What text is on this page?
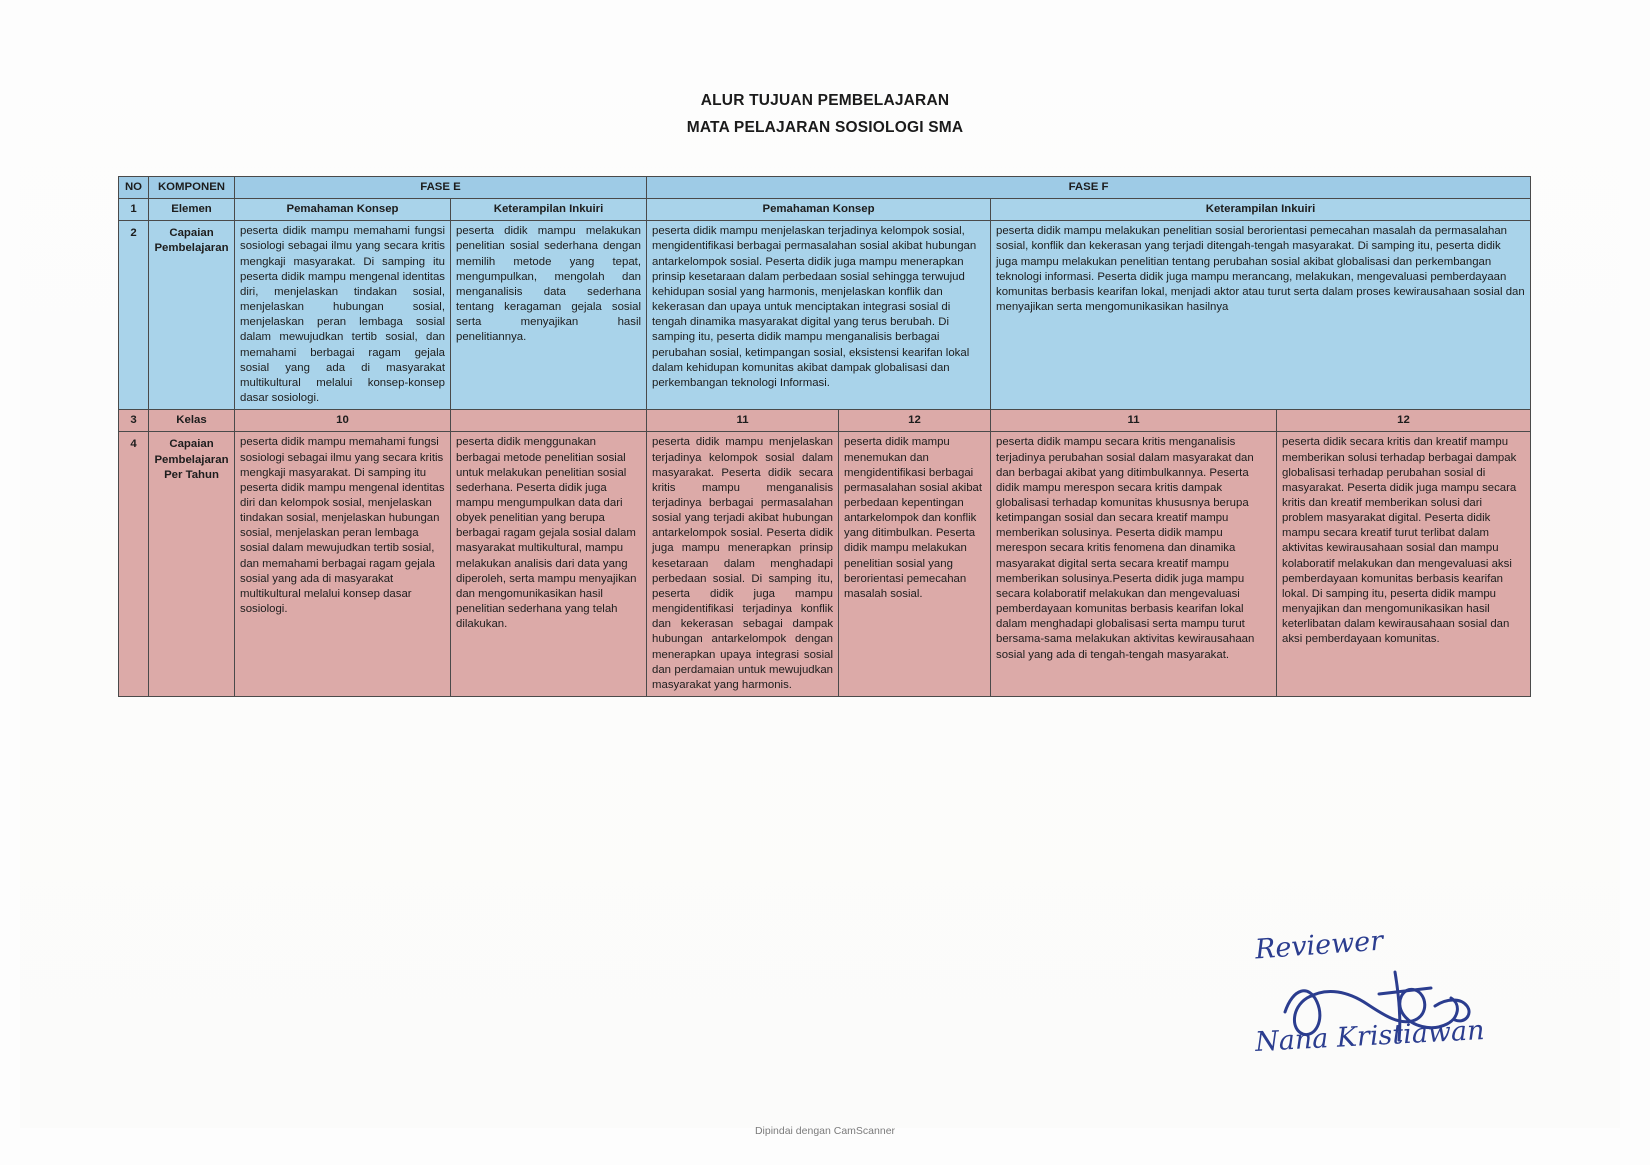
ALUR TUJUAN PEMBELAJARAN
MATA PELAJARAN SOSIOLOGI SMA
NO	KOMPONEN	FASE E		FASE F			
1	Elemen	Pemahaman Konsep	Keterampilan Inkuiri	Pemahaman Konsep		Keterampilan Inkuiri	
2	Capaian Pembelajaran	peserta didik mampu memahami fungsi sosiologi sebagai ilmu yang secara kritis mengkaji masyarakat. Di samping itu peserta didik mampu mengenal identitas diri, menjelaskan tindakan sosial, menjelaskan hubungan sosial, menjelaskan peran lembaga sosial dalam mewujudkan tertib sosial, dan memahami berbagai ragam gejala sosial yang ada di masyarakat multikultural melalui konsep-konsep dasar sosiologi.	peserta didik mampu melakukan penelitian sosial sederhana dengan memilih metode yang tepat, mengumpulkan, mengolah dan menganalisis data sederhana tentang keragaman gejala sosial serta menyajikan hasil penelitiannya.	peserta didik mampu menjelaskan terjadinya kelompok sosial, mengidentifikasi berbagai permasalahan sosial akibat hubungan antarkelompok sosial. Peserta didik juga mampu menerapkan prinsip kesetaraan dalam perbedaan sosial sehingga terwujud kehidupan sosial yang harmonis, menjelaskan konflik dan kekerasan dan upaya untuk menciptakan integrasi sosial di tengah dinamika masyarakat digital yang terus berubah. Di samping itu, peserta didik mampu menganalisis berbagai perubahan sosial, ketimpangan sosial, eksistensi kearifan lokal dalam kehidupan komunitas akibat dampak globalisasi dan perkembangan teknologi Informasi.	peserta didik mampu melakukan penelitian sosial berorientasi pemecahan masalah da permasalahan sosial, konflik dan kekerasan yang terjadi ditengah-tengah masyarakat. Di samping itu, peserta didik juga mampu melakukan penelitian tentang perubahan sosial akibat globalisasi dan perkembangan teknologi informasi. Peserta didik juga mampu merancang, melakukan, mengevaluasi pemberdayaan komunitas berbasis kearifan lokal, menjadi aktor atau turut serta dalam proses kewirausahaan sosial dan menyajikan serta mengomunikasikan hasilnya
3	Kelas	10		11	12	11	12
4	Capaian Pembelajaran Per Tahun	peserta didik mampu memahami fungsi sosiologi sebagai ilmu yang secara kritis mengkaji masyarakat. Di samping itu peserta didik mampu mengenal identitas diri dan kelompok sosial, menjelaskan tindakan sosial, menjelaskan hubungan sosial, menjelaskan peran lembaga sosial dalam mewujudkan tertib sosial, dan memahami berbagai ragam gejala sosial yang ada di masyarakat multikultural melalui konsep dasar sosiologi.	peserta didik menggunakan berbagai metode penelitian sosial untuk melakukan penelitian sosial sederhana. Peserta didik juga mampu mengumpulkan data dari obyek penelitian yang berupa berbagai ragam gejala sosial dalam masyarakat multikultural, mampu melakukan analisis dari data yang diperoleh, serta mampu menyajikan dan mengomunikasikan hasil penelitian sederhana yang telah dilakukan.	peserta didik mampu menjelaskan terjadinya kelompok sosial dalam masyarakat. Peserta didik secara kritis mampu menganalisis terjadinya berbagai permasalahan sosial yang terjadi akibat hubungan antarkelompok sosial. Peserta didik juga mampu menerapkan prinsip kesetaraan dalam menghadapi perbedaan sosial. Di samping itu, peserta didik juga mampu mengidentifikasi terjadinya konflik dan kekerasan sebagai dampak hubungan antarkelompok dengan menerapkan upaya integrasi sosial dan perdamaian untuk mewujudkan masyarakat yang harmonis.	peserta didik mampu menemukan dan mengidentifikasi berbagai permasalahan sosial akibat perbedaan kepentingan antarkelompok dan konflik yang ditimbulkan. Peserta didik mampu melakukan penelitian sosial yang berorientasi pemecahan masalah sosial.	peserta didik mampu secara kritis menganalisis terjadinya perubahan sosial dalam masyarakat dan dan berbagai akibat yang ditimbulkannya. Peserta didik mampu merespon secara kritis dampak globalisasi terhadap komunitas khususnya berupa ketimpangan sosial dan secara kreatif mampu memberikan solusinya. Peserta didik mampu merespon secara kritis fenomena dan dinamika masyarakat digital serta secara kreatif mampu memberikan solusinya.Peserta didik juga mampu secara kolaboratif melakukan dan mengevaluasi pemberdayaan komunitas berbasis kearifan lokal dalam menghadapi globalisasi serta mampu turut bersama-sama melakukan aktivitas kewirausahaan sosial yang ada di tengah-tengah masyarakat.	peserta didik secara kritis dan kreatif mampu memberikan solusi terhadap berbagai dampak globalisasi terhadap perubahan sosial di masyarakat. Peserta didik juga mampu secara kritis dan kreatif memberikan solusi dari problem masyarakat digital. Peserta didik mampu secara kreatif turut terlibat dalam aktivitas kewirausahaan sosial dan mampu kolaboratif melakukan dan mengevaluasi aksi pemberdayaan komunitas berbasis kearifan lokal. Di samping itu, peserta didik mampu menyajikan dan mengomunikasikan hasil keterlibatan dalam kewirausahaan sosial dan aksi pemberdayaan komunitas.
Reviewer
Nana Kristiawan
Dipindai dengan CamScanner
